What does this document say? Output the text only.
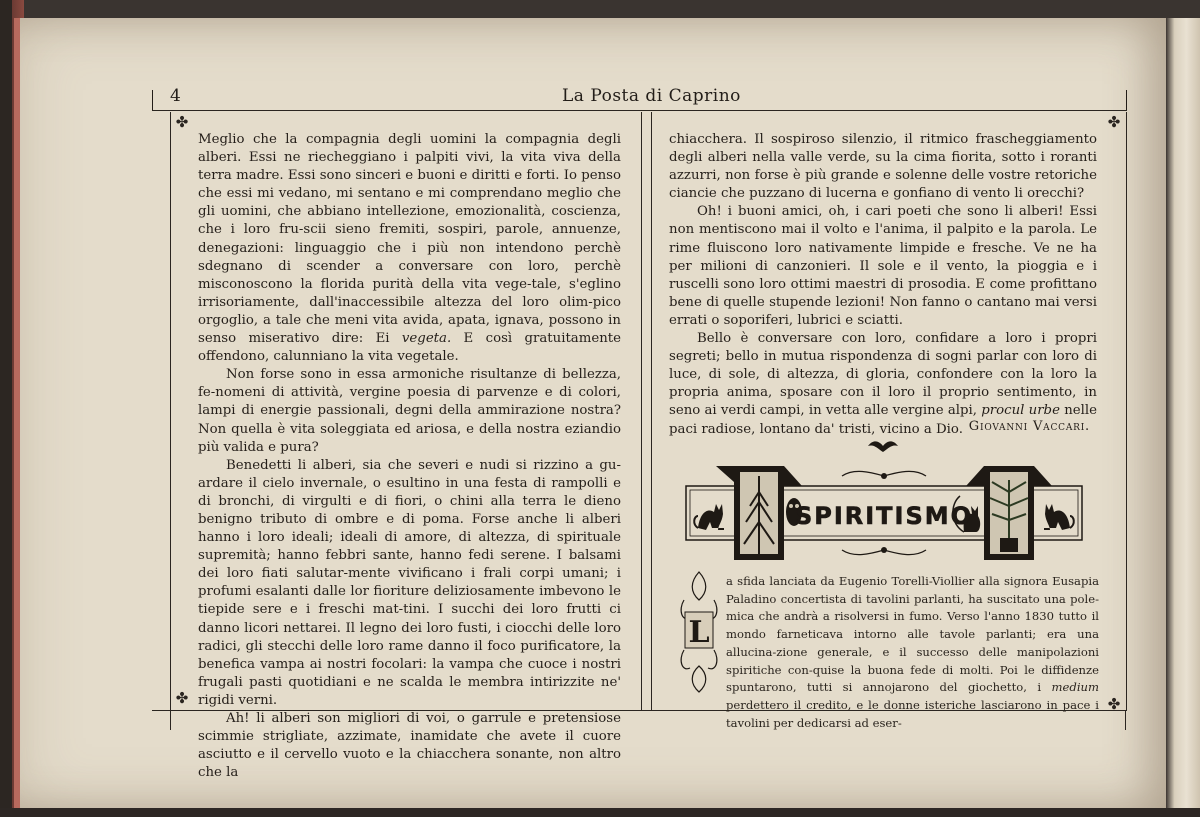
4	La Posta di Caprino
✤
✤
✤
✤

Meglio che la compagnia degli uomini la compagnia degli alberi. Essi ne riecheggiano i palpiti vivi, la vita viva della terra madre. Essi sono sinceri e buoni e diritti e forti. Io penso che essi mi vedano, mi sentano e mi comprendano meglio che gli uomini, che abbiano intellezione, emozionalità, coscienza, che i loro fru-scii sieno fremiti, sospiri, parole, annuenze, denegazioni: linguaggio che i più non intendono perchè sdegnano di scender a conversare con loro, perchè misconoscono la florida purità della vita vege-tale, s'eglino irrisoriamente, dall'inaccessibile altezza del loro olim-pico orgoglio, a tale che meni vita avida, apata, ignava, possono in senso miserativo dire: Ei vegeta. E così gratuitamente offendono, calunniano la vita vegetale.

Non forse sono in essa armoniche risultanze di bellezza, fe-nomeni di attività, vergine poesia di parvenze e di colori, lampi di energie passionali, degni della ammirazione nostra? Non quella è vita soleggiata ed ariosa, e della nostra eziandio più valida e pura?

Benedetti li alberi, sia che severi e nudi si rizzino a gu-ardare il cielo invernale, o esultino in una festa di rampolli e di bronchi, di virgulti e di fiori, o chini alla terra le dieno benigno tributo di ombre e di poma. Forse anche li alberi hanno i loro ideali; ideali di amore, di altezza, di spirituale supremità; hanno febbri sante, hanno fedi serene. I balsami dei loro fiati salutar-mente vivificano i frali corpi umani; i profumi esalanti dalle lor fioriture deliziosamente imbevono le tiepide sere e i freschi mat-tini. I succhi dei loro frutti ci danno licori nettarei. Il legno dei loro fusti, i ciocchi delle loro radici, gli stecchi delle loro rame danno il foco purificatore, la benefica vampa ai nostri focolari: la vampa che cuoce i nostri frugali pasti quotidiani e ne scalda le membra intirizzite ne' rigidi verni.

Ah! li alberi son migliori di voi, o garrule e pretensiose scimmie strigliate, azzimate, inamidate che avete il cuore asciutto e il cervello vuoto e la chiacchera sonante, non altro che la

chiacchera. Il sospiroso silenzio, il ritmico frascheggiamento degli alberi nella valle verde, su la cima fiorita, sotto i roranti azzurri, non forse è più grande e solenne delle vostre retoriche ciancie che puzzano di lucerna e gonfiano di vento li orecchi?

Oh! i buoni amici, oh, i cari poeti che sono li alberi! Essi non mentiscono mai il volto e l'anima, il palpito e la parola. Le rime fluiscono loro nativamente limpide e fresche. Ve ne ha per milioni di canzonieri. Il sole e il vento, la pioggia e i ruscelli sono loro ottimi maestri di prosodia. E come profittano bene di quelle stupende lezioni! Non fanno o cantano mai versi errati o soporiferi, lubrici e sciatti.

Bello è conversare con loro, confidare a loro i propri segreti; bello in mutua rispondenza di sogni parlar con loro di luce, di sole, di altezza, di gloria, confondere con la loro la propria anima, sposare con il loro il proprio sentimento, in seno ai verdi campi, in vetta alle vergine alpi, procul urbe nelle paci radiose, lontano da' tristi, vicino a Dio. Giovanni Vaccari.
SPIRITISMO
L

a sfida lanciata da Eugenio Torelli-Viollier alla signora Eusapia Paladino concertista di tavolini parlanti, ha suscitato una pole-mica che andrà a risolversi in fumo. Verso l'anno 1830 tutto il mondo farneticava intorno alle tavole parlanti; era una allucina-zione generale, e il successo delle manipolazioni spiritiche con-quise la buona fede di molti. Poi le diffidenze spuntarono, tutti si annojarono del giochetto, i medium perdettero il credito, e le donne isteriche lasciarono in pace i tavolini per dedicarsi ad eser-
